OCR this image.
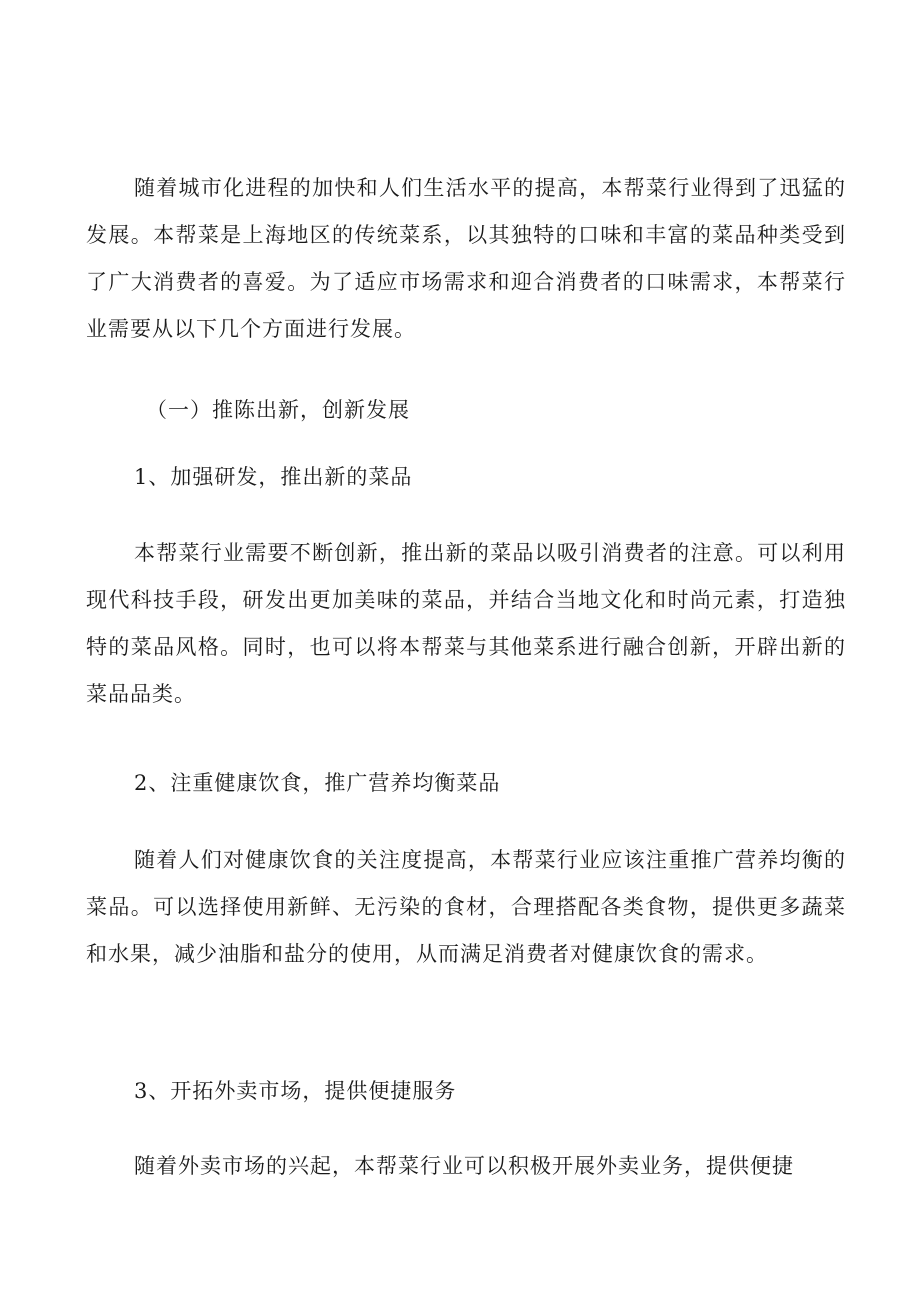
随着城市化进程的加快和人们生活水平的提高，本帮菜行业得到了迅猛的发展。本帮菜是上海地区的传统菜系，以其独特的口味和丰富的菜品种类受到了广大消费者的喜爱。为了适应市场需求和迎合消费者的口味需求，本帮菜行业需要从以下几个方面进行发展。

（一）推陈出新，创新发展
1、加强研发，推出新的菜品

本帮菜行业需要不断创新，推出新的菜品以吸引消费者的注意。可以利用现代科技手段，研发出更加美味的菜品，并结合当地文化和时尚元素，打造独特的菜品风格。同时，也可以将本帮菜与其他菜系进行融合创新，开辟出新的菜品品类。

2、注重健康饮食，推广营养均衡菜品

随着人们对健康饮食的关注度提高，本帮菜行业应该注重推广营养均衡的菜品。可以选择使用新鲜、无污染的食材，合理搭配各类食物，提供更多蔬菜和水果，减少油脂和盐分的使用，从而满足消费者对健康饮食的需求。

3、开拓外卖市场，提供便捷服务

随着外卖市场的兴起，本帮菜行业可以积极开展外卖业务，提供便捷
